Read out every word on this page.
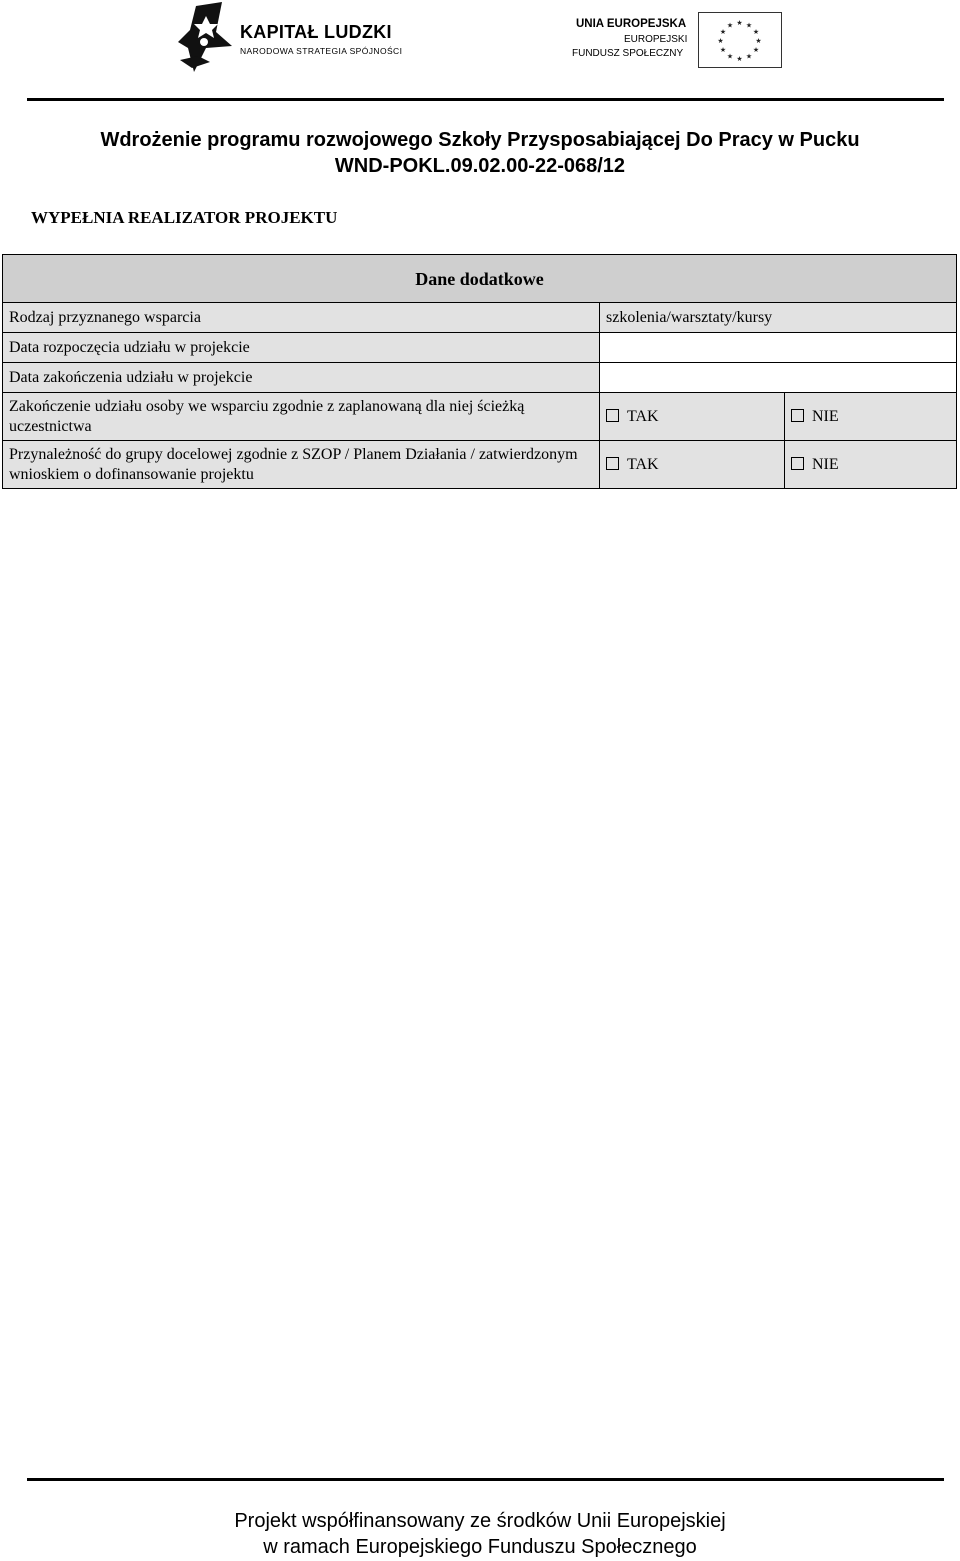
KAPITAŁ LUDZKI
NARODOWA STRATEGIA SPÓJNOŚCI
UNIA EUROPEJSKA
EUROPEJSKI
FUNDUSZ SPOŁECZNY
★ ★
★
★
★
★
★
★
★
★
★
★
Wdrożenie programu rozwojowego Szkoły Przysposabiającej Do Pracy w Pucku
WND-POKL.09.02.00-22-068/12
WYPEŁNIA REALIZATOR PROJEKTU
Dane dodatkowe		
Rodzaj przyznanego wsparcia	szkolenia/warsztaty/kursy	
Data rozpoczęcia udziału w projekcie		
Data zakończenia udziału w projekcie		
Zakończenie udziału osoby we wsparciu zgodnie z zaplanowaną dla niej ścieżką uczestnictwa	TAK	NIE
Przynależność do grupy docelowej zgodnie z SZOP / Planem Działania / zatwierdzonym wnioskiem o dofinansowanie projektu	TAK	NIE
Projekt współfinansowany ze środków Unii Europejskiej
w ramach Europejskiego Funduszu Społecznego
